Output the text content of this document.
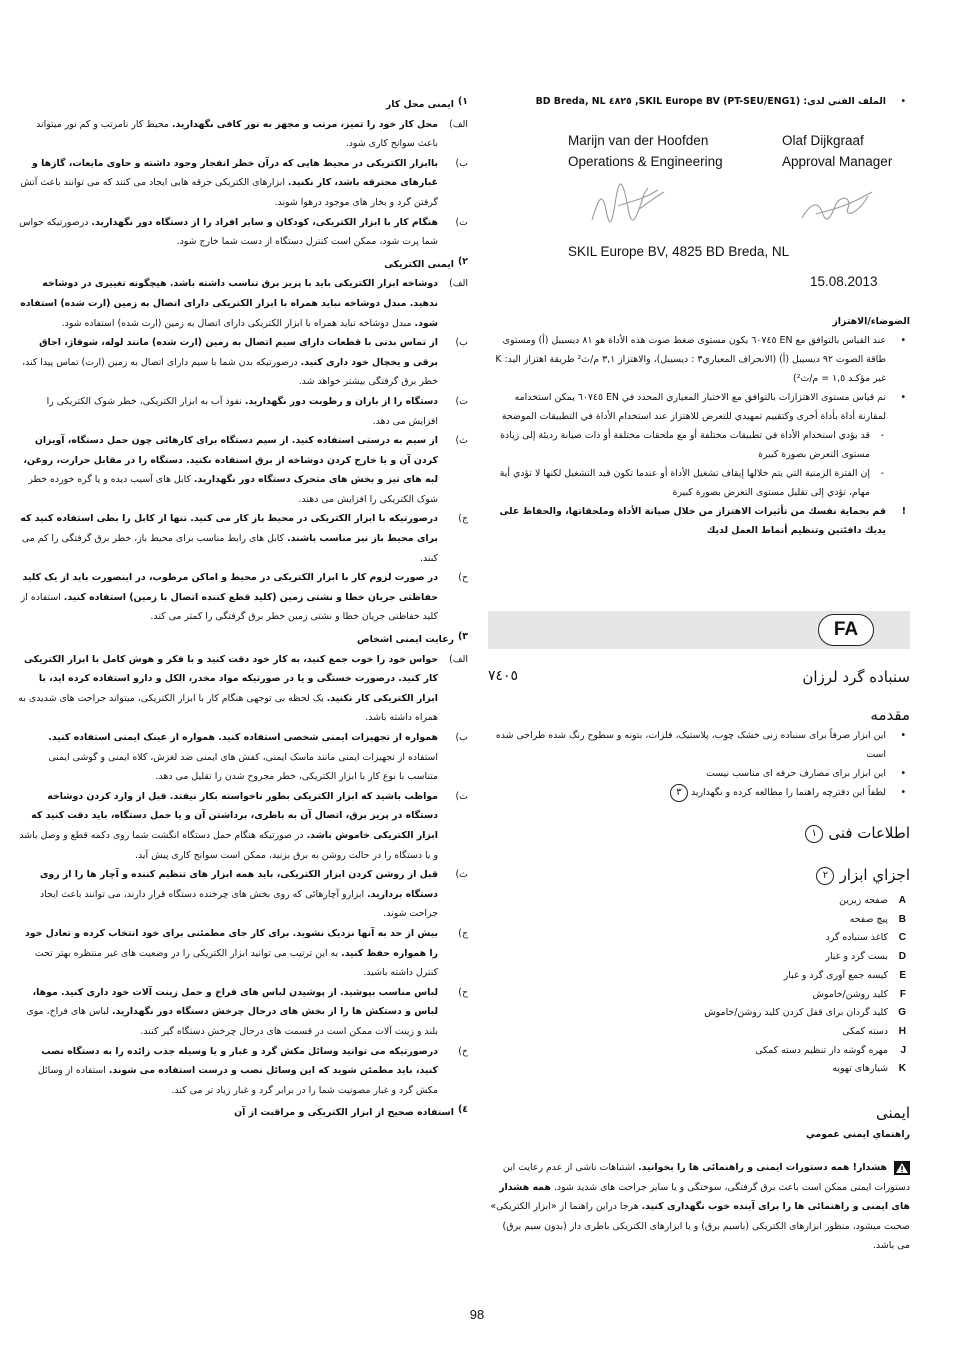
١)
ایمنی محل کار
الف)
محل کار خود را تمیز، مرتب و مجهز به نور کافی نگهدارید. محیط کار نامرتب و کم نور میتواند باعث سوانح کاری شود.
ب)
باابزار الکتریکی در محیط هایی که درآن خطر انفجار وجود داشته و حاوی مایعات، گازها و غبارهای محترقه باشد، کار نکنید. ابزارهای الکتریکی جرقه هایی ایجاد می کنند که می توانند باعث آتش گرفتن گرد و بخار های موجود درهوا شوند.
ت)
هنگام کار با ابزار الکتریکی، کودکان و سایر افراد را از دستگاه دور نگهدارید. درصورتیکه حواس شما پرت شود، ممکن است کنترل دستگاه از دست شما خارج شود.
٢)
ایمنی الکتریکی
الف)
دوشاخه ابزار الکتریکی باید با پریز برق تناسب داشته باشد. هیچگونه تغییری در دوشاخه ندهید. مبدل دوشاخه نباید همراه با ابزار الکتریکی دارای اتصال به زمین (ارت شده) استفاده شود. مبدل دوشاخه نباید همراه با ابزار الکتریکی دارای اتصال به زمین (ارت شده) استفاده شود.
ب)
از تماس بدنی با قطعات دارای سیم اتصال به زمین (ارت شده) مانند لوله، شوفاژ، اجاق برقی و یخچال خود داری کنید. درصورتیکه بدن شما با سیم دارای اتصال به زمین (ارت) تماس پیدا کند، خطر برق گرفتگی بیشتر خواهد شد.
ت)
دستگاه را از باران و رطوبت دور نگهدارید. نفوذ آب به ابزار الکتریکی، خطر شوک الکتریکی را افزایش می دهد.
ث)
از سیم به درستی استفاده کنید. از سیم دستگاه برای کارهائی چون حمل دستگاه، آویزان کردن آن و یا خارج کردن دوشاخه از برق استفاده نکنید. دستگاه را در مقابل حرارت، روغن، لبه های تیز و بخش های متحرک دستگاه دور نگهدارید. کابل های آسیب دیده و یا گره خورده خطر شوک الکتریکی را افزایش می دهند.
ج)
درصورتیکه با ابزار الکتریکی در محیط باز کار می کنید. تنها از کابل را بطی استفاده کنید که برای محیط باز نیز مناسب باشند. کابل های رابط مناسب برای محیط باز، خطر برق گرفتگی را کم می کنند.
ح)
در صورت لزوم کار با ابزار الکتریکی در محیط و اماکن مرطوب، در اینصورت باید از یک کلید حفاظتی جریان خطا و نشتی زمین (کلید قطع کننده اتصال با زمین) استفاده کنید. استفاده از کلید حفاظتی جریان خطا و نشتی زمین خطر برق گرفتگی را کمتر می کند.
٣)
رعایت ایمنی اشخاص
الف)
حواس خود را خوب جمع کنید، به کار خود دقت کنید و با فکر و هوش کامل با ابزار الکتریکی کار کنید. درصورت خستگی و یا در صورتیکه مواد مخدر، الکل و دارو استفاده کرده اید، با ابزار الکتریکی کار نکنید. یک لحظه بی توجهی هنگام کار با ابزار الکتریکی، میتواند جراحت های شدیدی به همراه داشته باشد.
ب)
همواره از تجهیزات ایمنی شخصی استفاده کنید. همواره از عینک ایمنی استفاده کنید. استفاده از تجهیزات ایمنی مانند ماسک ایمنی، کفش های ایمنی ضد لغزش، کلاه ایمنی و گوشی ایمنی متناسب با نوع کار با ابزار الکتریکی، خطر مجروح شدن را تقلیل می دهد.
ت)
مواظب باشید که ابزار الکتریکی بطور ناخواسته بکار نیفتد. قبل از وارد کردن دوشاخه دستگاه در پریز برق، اتصال آن به باطری، برداشتن آن و یا حمل دستگاه، باید دقت کنید که ابزار الکتریکی خاموش باشد. در صورتیکه هنگام حمل دستگاه انگشت شما روی دکمه قطع و وصل باشد و یا دستگاه را در حالت روشن به برق بزنید، ممکن است سوانح کاری پیش آید.
ث)
قبل از روشن کردن ابزار الکتریکی، باید همه ابزار های تنظیم کننده و آچار ها را از روی دستگاه برداريد. ابزارو آچارهائی که روی بخش های چرخنده دستگاه قرار دارند، می توانند باعث ایجاد جراحت شوند.
ج)
بیش از حد به آنها نزدیک نشوید. برای کار جای مطمئنی برای خود انتخاب کرده و تعادل خود را همواره حفظ کنید. به این ترتیب می توانید ابزار الکتریکی را در وضعیت های غیر منتظره بهتر تحت کنترل داشته باشید.
ح)
لباس مناسب بپوشید. از پوشیدن لباس های فراخ و حمل زينت آلات خود داری کنید. موها، لباس و دستکش ها را از بخش های درحال چرخش دستگاه دور نگهدارید. لباس های فراخ، موی بلند و زينت آلات ممکن است در قسمت های درحال چرخش دستگاه گیر کنند.
خ)
درصورتیکه می توانید وسائل مکش گرد و غبار و یا وسیله جذب زائده را به دستگاه نصب کنید، باید مطمئن شوید که این وسائل نصب و درست استفاده می شوند. استفاده از وسائل مکش گرد و غبار مصونیت شما را در برابر گرد و غبار زیاد تر می کند.
٤)
استفاده صحیح از ابزار الکتریکی و مراقبت از آن
•
الملف الفني لدى: SKIL Europe BV (PT-SEU/ENG1), ٤٨٢٥ BD Breda, NL
Marijn van der Hoofden
Operations & Engineering
Olaf Dijkgraaf
Approval Manager
SKIL Europe BV, 4825 BD Breda, NL
15.08.2013
الضوضاء/الاهتزاز
•
عند القياس بالتوافق مع EN ٦٠٧٤٥ يكون مستوى ضغط صوت هذه الأداة هو ٨١ ديسيبل (أ) ومستوى طاقة الصوت ٩٢ ديسيبل (أ) (الانحراف المعياري٣ : ديسيبل)، والاهتزاز ٣,١ م/ث² طريقة اهتزاز اليد: K غير مؤكـد ١,٥ = م/ث²)
•
تم قياس مستوى الاهتزازات بالتوافق مع الاختبار المعياري المحدد في EN ٦٠٧٤٥ يمكن استخدامه لمقارنة أداة بأداة أخرى وكتقييم تمهيدي للتعرض للاهتزاز عند استخدام الأداة في التطبيقات الموضحة
-
قد يؤدي استخدام الأداة في تطبيقات مختلفة أو مع ملحقات مختلفة أو ذات صيانة رديئة إلى زيادة مستوى التعرض بصورة كبيرة
-
إن الفترة الزمنية التي يتم خلالها إيقاف تشغيل الأداة أو عندما تكون قيد التشغيل لكنها لا تؤدي أية مهام، تؤدي إلى تقليل مستوى التعرض بصورة كبيرة
!
قم بحماية نفسك من تأثيرات الاهتزاز من خلال صيانة الأداة وملحقاتها، والحفاظ على يديك دافئتين وتنظيم أنماط العمل لديك
FA
سنباده گرد لرزان
٧٤٠٥
مقدمه
•
این ابزار صرفاً برای سنباده زنی خشک چوب، پلاستیک، فلزات، بتونه و سطوح رنگ شده طراحی شده است
•
این ابزار برای مصارف حرفه ای مناسب نیست
•
لطفاً این دفترچه راهنما را مطالعه کرده و نگهدارید ٣
اطلاعات فنی ١
اجزاي ابزار ٢
A
صفحه زیرین
B
پیچ صفحه
C
کاغذ سنباده گرد
D
بست گرد و غبار
E
کیسه جمع آوری گرد و غبار
F
کلید روشن/خاموش
G
کلید گردان برای قفل کردن کلید روشن/خاموش
H
دسته کمکی
J
مهره گوشه دار تنظیم دسته کمکی
K
شیارهای تهویه
ایمنی
راهنماي ايمني عمومي
هشدار! همه دستورات ایمنی و راهنمائی ها را بخوانید. اشتباهات ناشی از عدم رعایت این دستورات ایمنی ممکن است باعث برق گرفتگی، سوختگی و یا سایر جراحت های شدید شود. همه هشدار های ایمنی و راهنمائی ها را برای آینده خوب نگهداری کنید. هرجا دراین راهنما از «ابزار الکتریکی» صحبت میشود، منظور ابزارهای الکتریکی (باسیم برق) و یا ابزارهای الکتریکی باطری دار (بدون سیم برق) می باشد.
98
